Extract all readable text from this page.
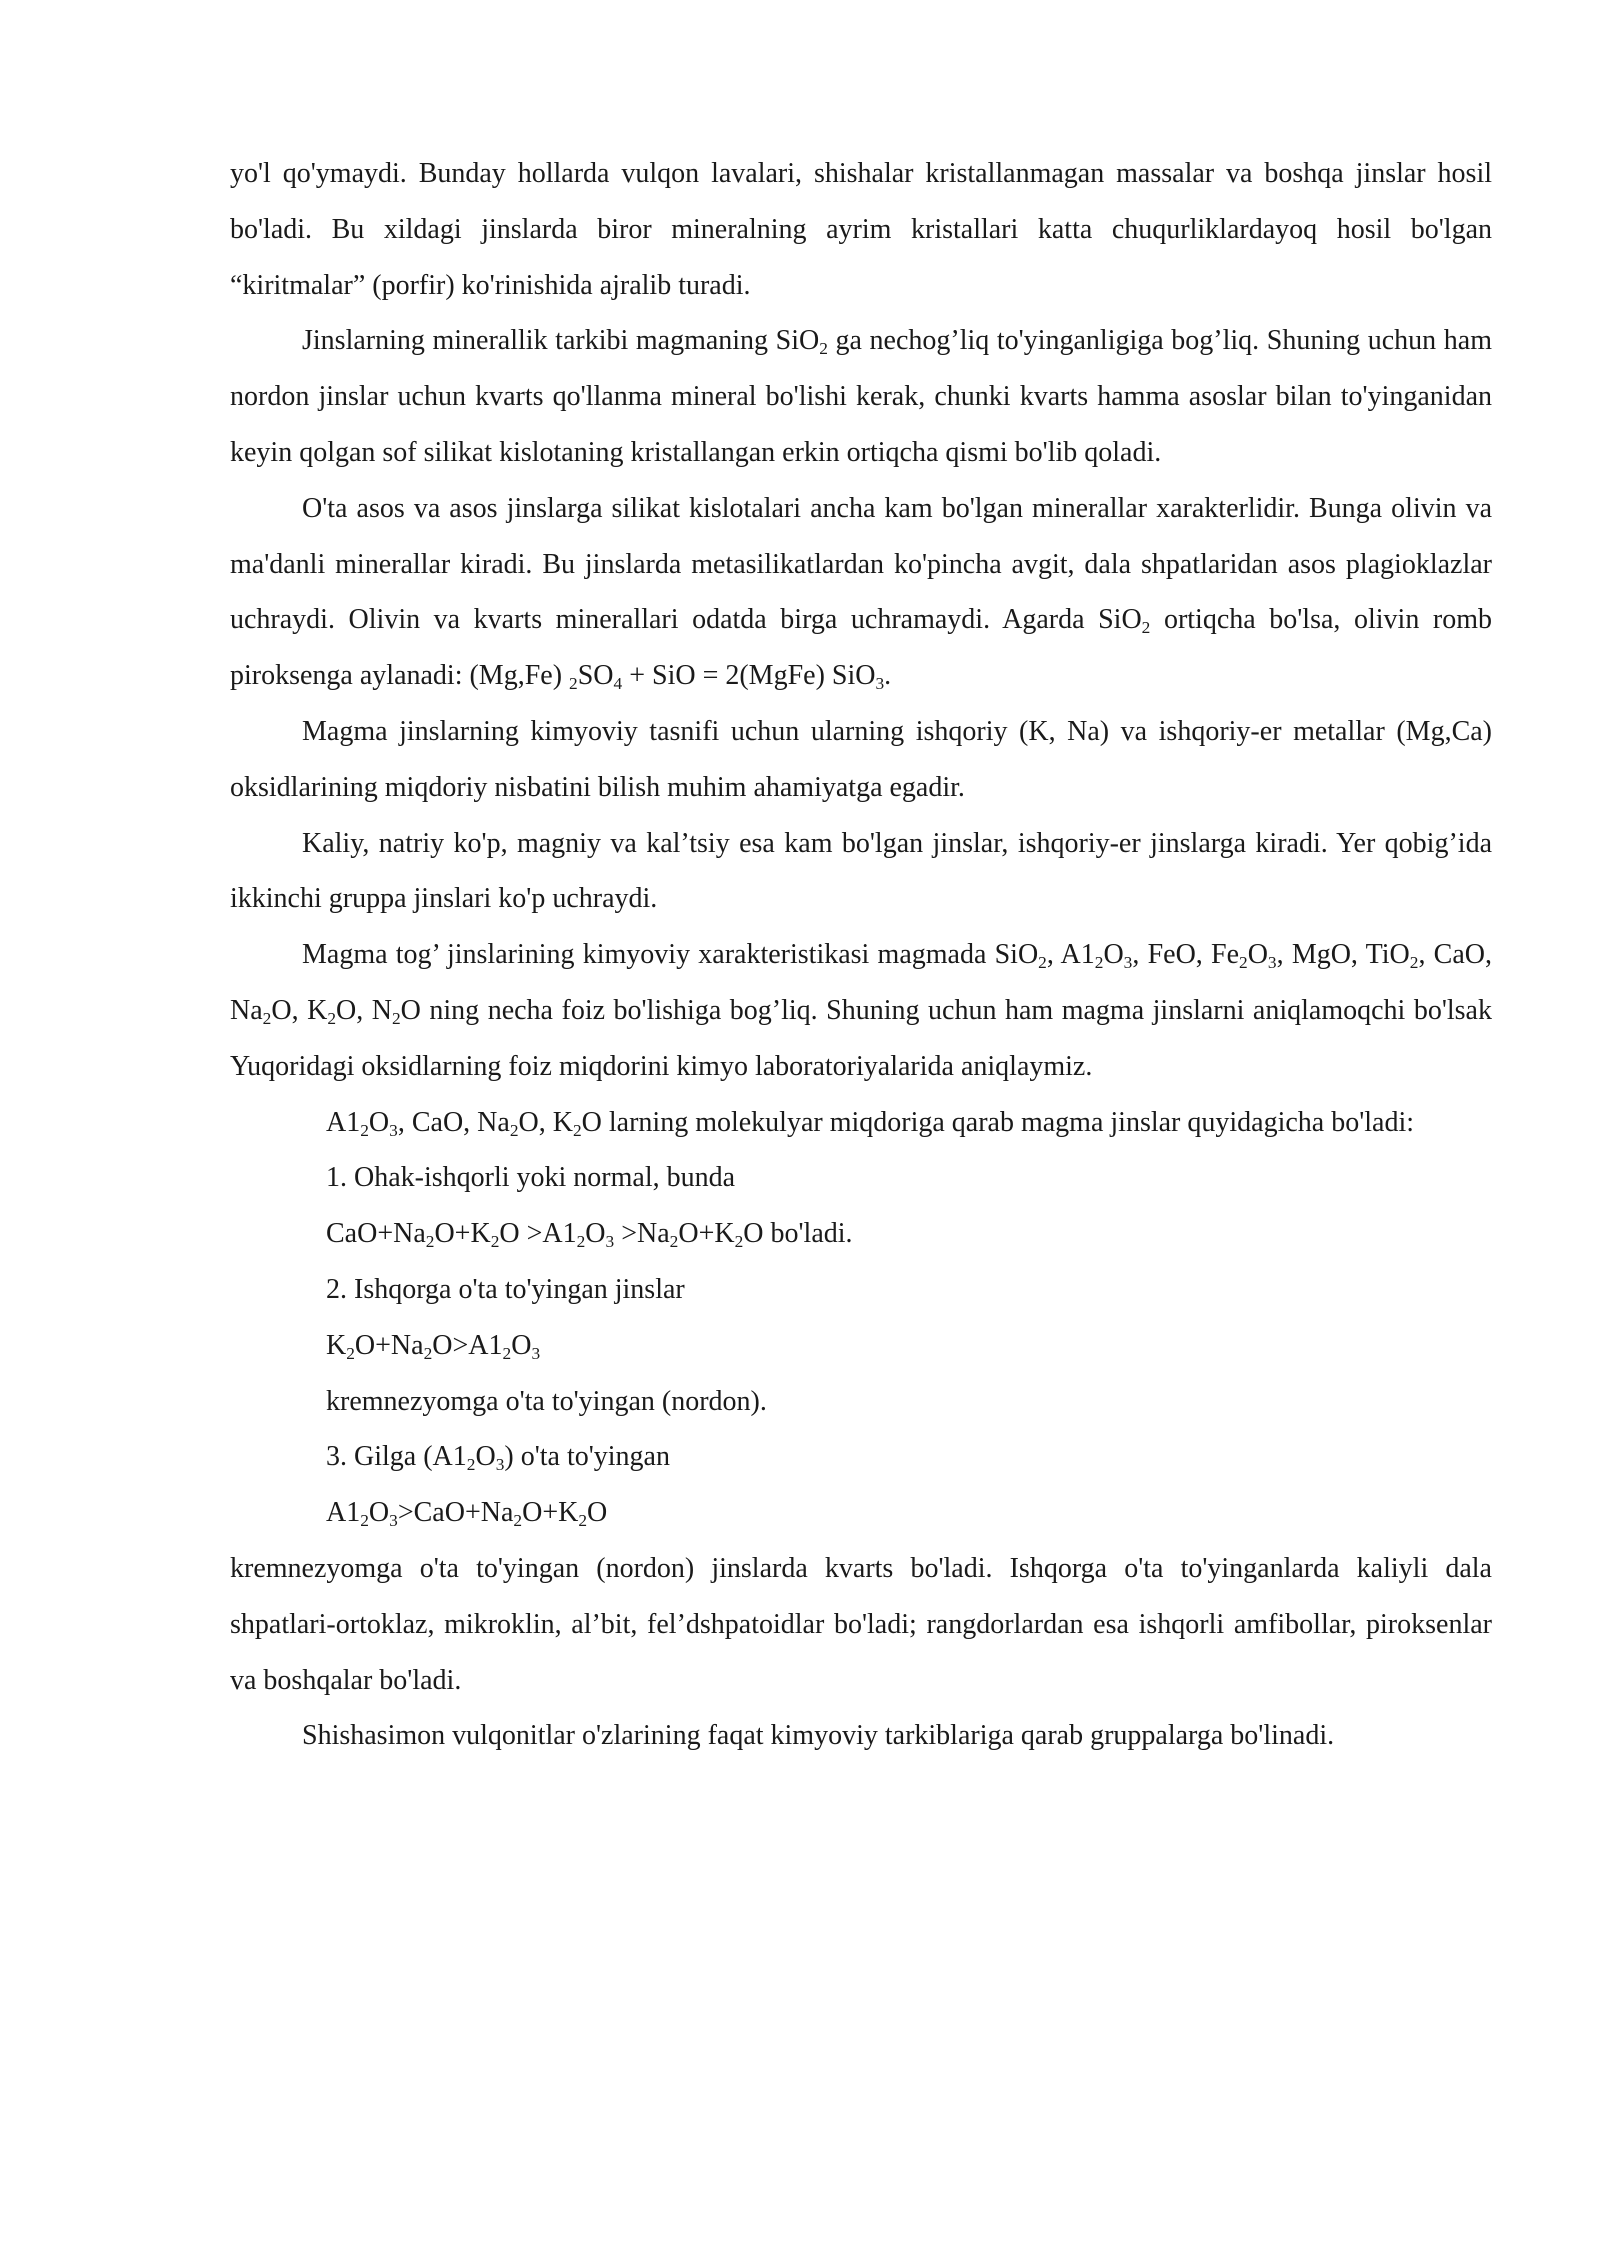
yo'l qo'ymaydi. Bunday hollarda vulqon lavalari, shishalar kristallanmagan massalar va boshqa jinslar hosil bo'ladi. Bu xildagi jinslarda biror mineralning ayrim kristallari katta chuqurliklardayoq hosil bo'lgan “kiritmalar” (porfir) ko'rinishida ajralib turadi.

Jinslarning minerallik tarkibi magmaning SiO$_2$ ga nechog’liq to'yinganligiga bog’liq. Shuning uchun ham nordon jinslar uchun kvarts qo'llanma mineral bo'lishi kerak, chunki kvarts hamma asoslar bilan to'yinganidan keyin qolgan sof silikat kislotaning kristallangan erkin ortiqcha qismi bo'lib qoladi.

O'ta asos va asos jinslarga silikat kislotalari ancha kam bo'lgan minerallar xarakterlidir. Bunga olivin va ma'danli minerallar kiradi. Bu jinslarda metasilikatlardan ko'pincha avgit, dala shpatlaridan asos plagioklazlar uchraydi. Olivin va kvarts minerallari odatda birga uchramaydi. Agarda SiO$_2$ ortiqcha bo'lsa, olivin romb piroksenga aylanadi: (Mg,Fe) $_2SO_4$ + SiO = 2(MgFe) SiO$_3$.

Magma jinslarning kimyoviy tasnifi uchun ularning ishqoriy (K, Na) va ishqoriy-er metallar (Mg,Ca) oksidlarining miqdoriy nisbatini bilish muhim ahamiyatga egadir.

Kaliy, natriy ko'p, magniy va kal’tsiy esa kam bo'lgan jinslar, ishqoriy-er jinslarga kiradi. Yer qobig’ida ikkinchi gruppa jinslari ko'p uchraydi.

Magma tog’ jinslarining kimyoviy xarakteristikasi magmada SiO$_2$, $A1_2O_3$, FeO, $Fe_2O_3$, MgO, TiO$_2$, CaO, $Na_2O$, $K_2O$, $N_2O$ ning necha foiz bo'lishiga bog’liq. Shuning uchun ham magma jinslarni aniqlamoqchi bo'lsak Yuqoridagi oksidlarning foiz miqdorini kimyo laboratoriyalarida aniqlaymiz.

$A1_2O_3$, CaO, $Na_2O$, $K_2O$ larning molekulyar miqdoriga qarab magma jinslar quyidagicha bo'ladi:

1. Ohak-ishqorli yoki normal, bunda

$CaO+Na_2O+K_2O >A1_2O_3 >Na_2O+K_2O$ bo'ladi.

2. Ishqorga o'ta to'yingan jinslar

$K_2O+Na_2O>A1_2O_3$

kremnezyomga o'ta to'yingan (nordon).

3. Gilga $(A1_2O_3)$ o'ta to'yingan

$A1_2O_3>CaO+Na_2O+K_2O$

kremnezyomga o'ta to'yingan (nordon) jinslarda kvarts bo'ladi. Ishqorga o'ta to'yinganlarda kaliyli dala shpatlari-ortoklaz, mikroklin, al’bit, fel’dshpatoidlar bo'ladi; rangdorlardan esa ishqorli amfibollar, piroksenlar va boshqalar bo'ladi.

Shishasimon vulqonitlar o'zlarining faqat kimyoviy tarkiblariga qarab gruppalarga bo'linadi.
